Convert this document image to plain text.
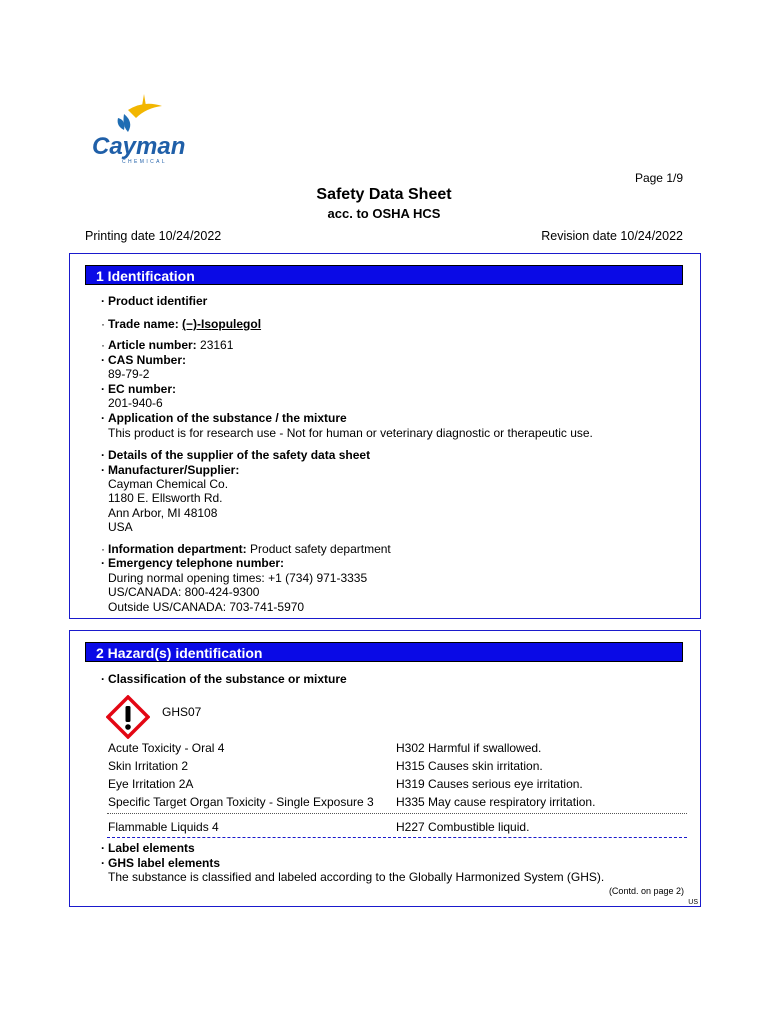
Cayman
CHEMICAL
Page 1/9
Safety Data Sheet
acc. to OSHA HCS
Printing date 10/24/2022	Revision date 10/24/2022
1 Identification
· Product identifier
· Trade name: (−)-Isopulegol
· Article number: 23161
· CAS Number:
89-79-2
· EC number:
201-940-6
· Application of the substance / the mixture
This product is for research use - Not for human or veterinary diagnostic or therapeutic use.
· Details of the supplier of the safety data sheet
· Manufacturer/Supplier:
Cayman Chemical Co.
1180 E. Ellsworth Rd.
Ann Arbor, MI 48108
USA
· Information department: Product safety department
· Emergency telephone number:
During normal opening times: +1 (734) 971-3335
US/CANADA: 800-424-9300
Outside US/CANADA: 703-741-5970
2 Hazard(s) identification
· Classification of the substance or mixture
GHS07
Acute Toxicity - Oral 4	H302 Harmful if swallowed.
Skin Irritation 2	H315 Causes skin irritation.
Eye Irritation 2A	H319 Causes serious eye irritation.
Specific Target Organ Toxicity - Single Exposure 3 H335 May cause respiratory irritation.
Flammable Liquids 4	H227 Combustible liquid.
· Label elements
· GHS label elements
The substance is classified and labeled according to the Globally Harmonized System (GHS).
(Contd. on page 2)
US
